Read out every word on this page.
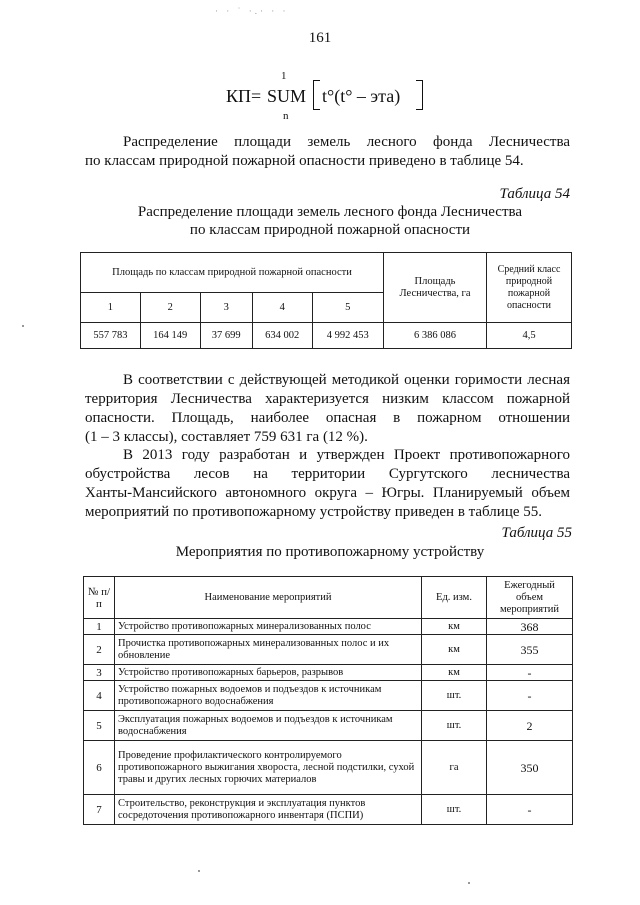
· · ˙ ·.· · ·
161
КП=
1
SUM
n
t°(t° – эта)
Распределение площади земель лесного фонда Лесничества
по классам природной пожарной опасности приведено в таблице 54.
Таблица 54
Распределение площади земель лесного фонда Лесничества
по классам природной пожарной опасности
Площадь по классам природной пожарной опасности					Площадь Лесничества, га	Средний класс природной пожарной опасности
1	2	3	4	5		
557 783	164 149	37 699	634 002	4 992 453	6 386 086	4,5
В соответствии с действующей методикой оценки горимости лесная
территория Лесничества характеризуется низким классом пожарной
опасности. Площадь, наиболее опасная в пожарном отношении
(1 – 3 классы), составляет 759 631 га (12 %).
В 2013 году разработан и утвержден Проект противопожарного
обустройства лесов на территории Сургутского лесничества
Ханты-Мансийского автономного округа – Югры. Планируемый объем
мероприятий по противопожарному устройству приведен в таблице 55.
Таблица 55
Мероприятия по противопожарному устройству
№ п/п	Наименование мероприятий	Ед. изм.	Ежегодный объем мероприятий
1	Устройство противопожарных минерализованных полос	км	368
2	Прочистка противопожарных минерализованных полос и их обновление	км	355
3	Устройство противопожарных барьеров, разрывов	км	-
4	Устройство пожарных водоемов и подъездов к источникам противопожарного водоснабжения	шт.	-
5	Эксплуатация пожарных водоемов и подъездов к источникам водоснабжения	шт.	2
6	Проведение профилактического контролируемого противопожарного выжигания хвороста, лесной подстилки, сухой травы и других лесных горючих материалов	га	350
7	Строительство, реконструкция и эксплуатация пунктов сосредоточения противопожарного инвентаря (ПСПИ)	шт.	-
